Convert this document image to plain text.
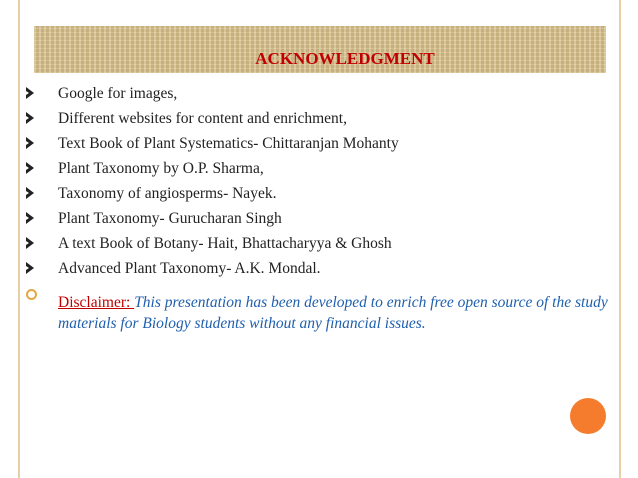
ACKNOWLEDGMENT
Google for images,
Different websites for content and enrichment,
Text Book of Plant Systematics- Chittaranjan Mohanty
Plant Taxonomy by O.P. Sharma,
Taxonomy of angiosperms- Nayek.
Plant Taxonomy- Gurucharan Singh
A text Book of Botany- Hait, Bhattacharyya & Ghosh
Advanced Plant Taxonomy- A.K. Mondal.
Disclaimer: This presentation has been developed to enrich free open source of the study materials for Biology students without any financial issues.
